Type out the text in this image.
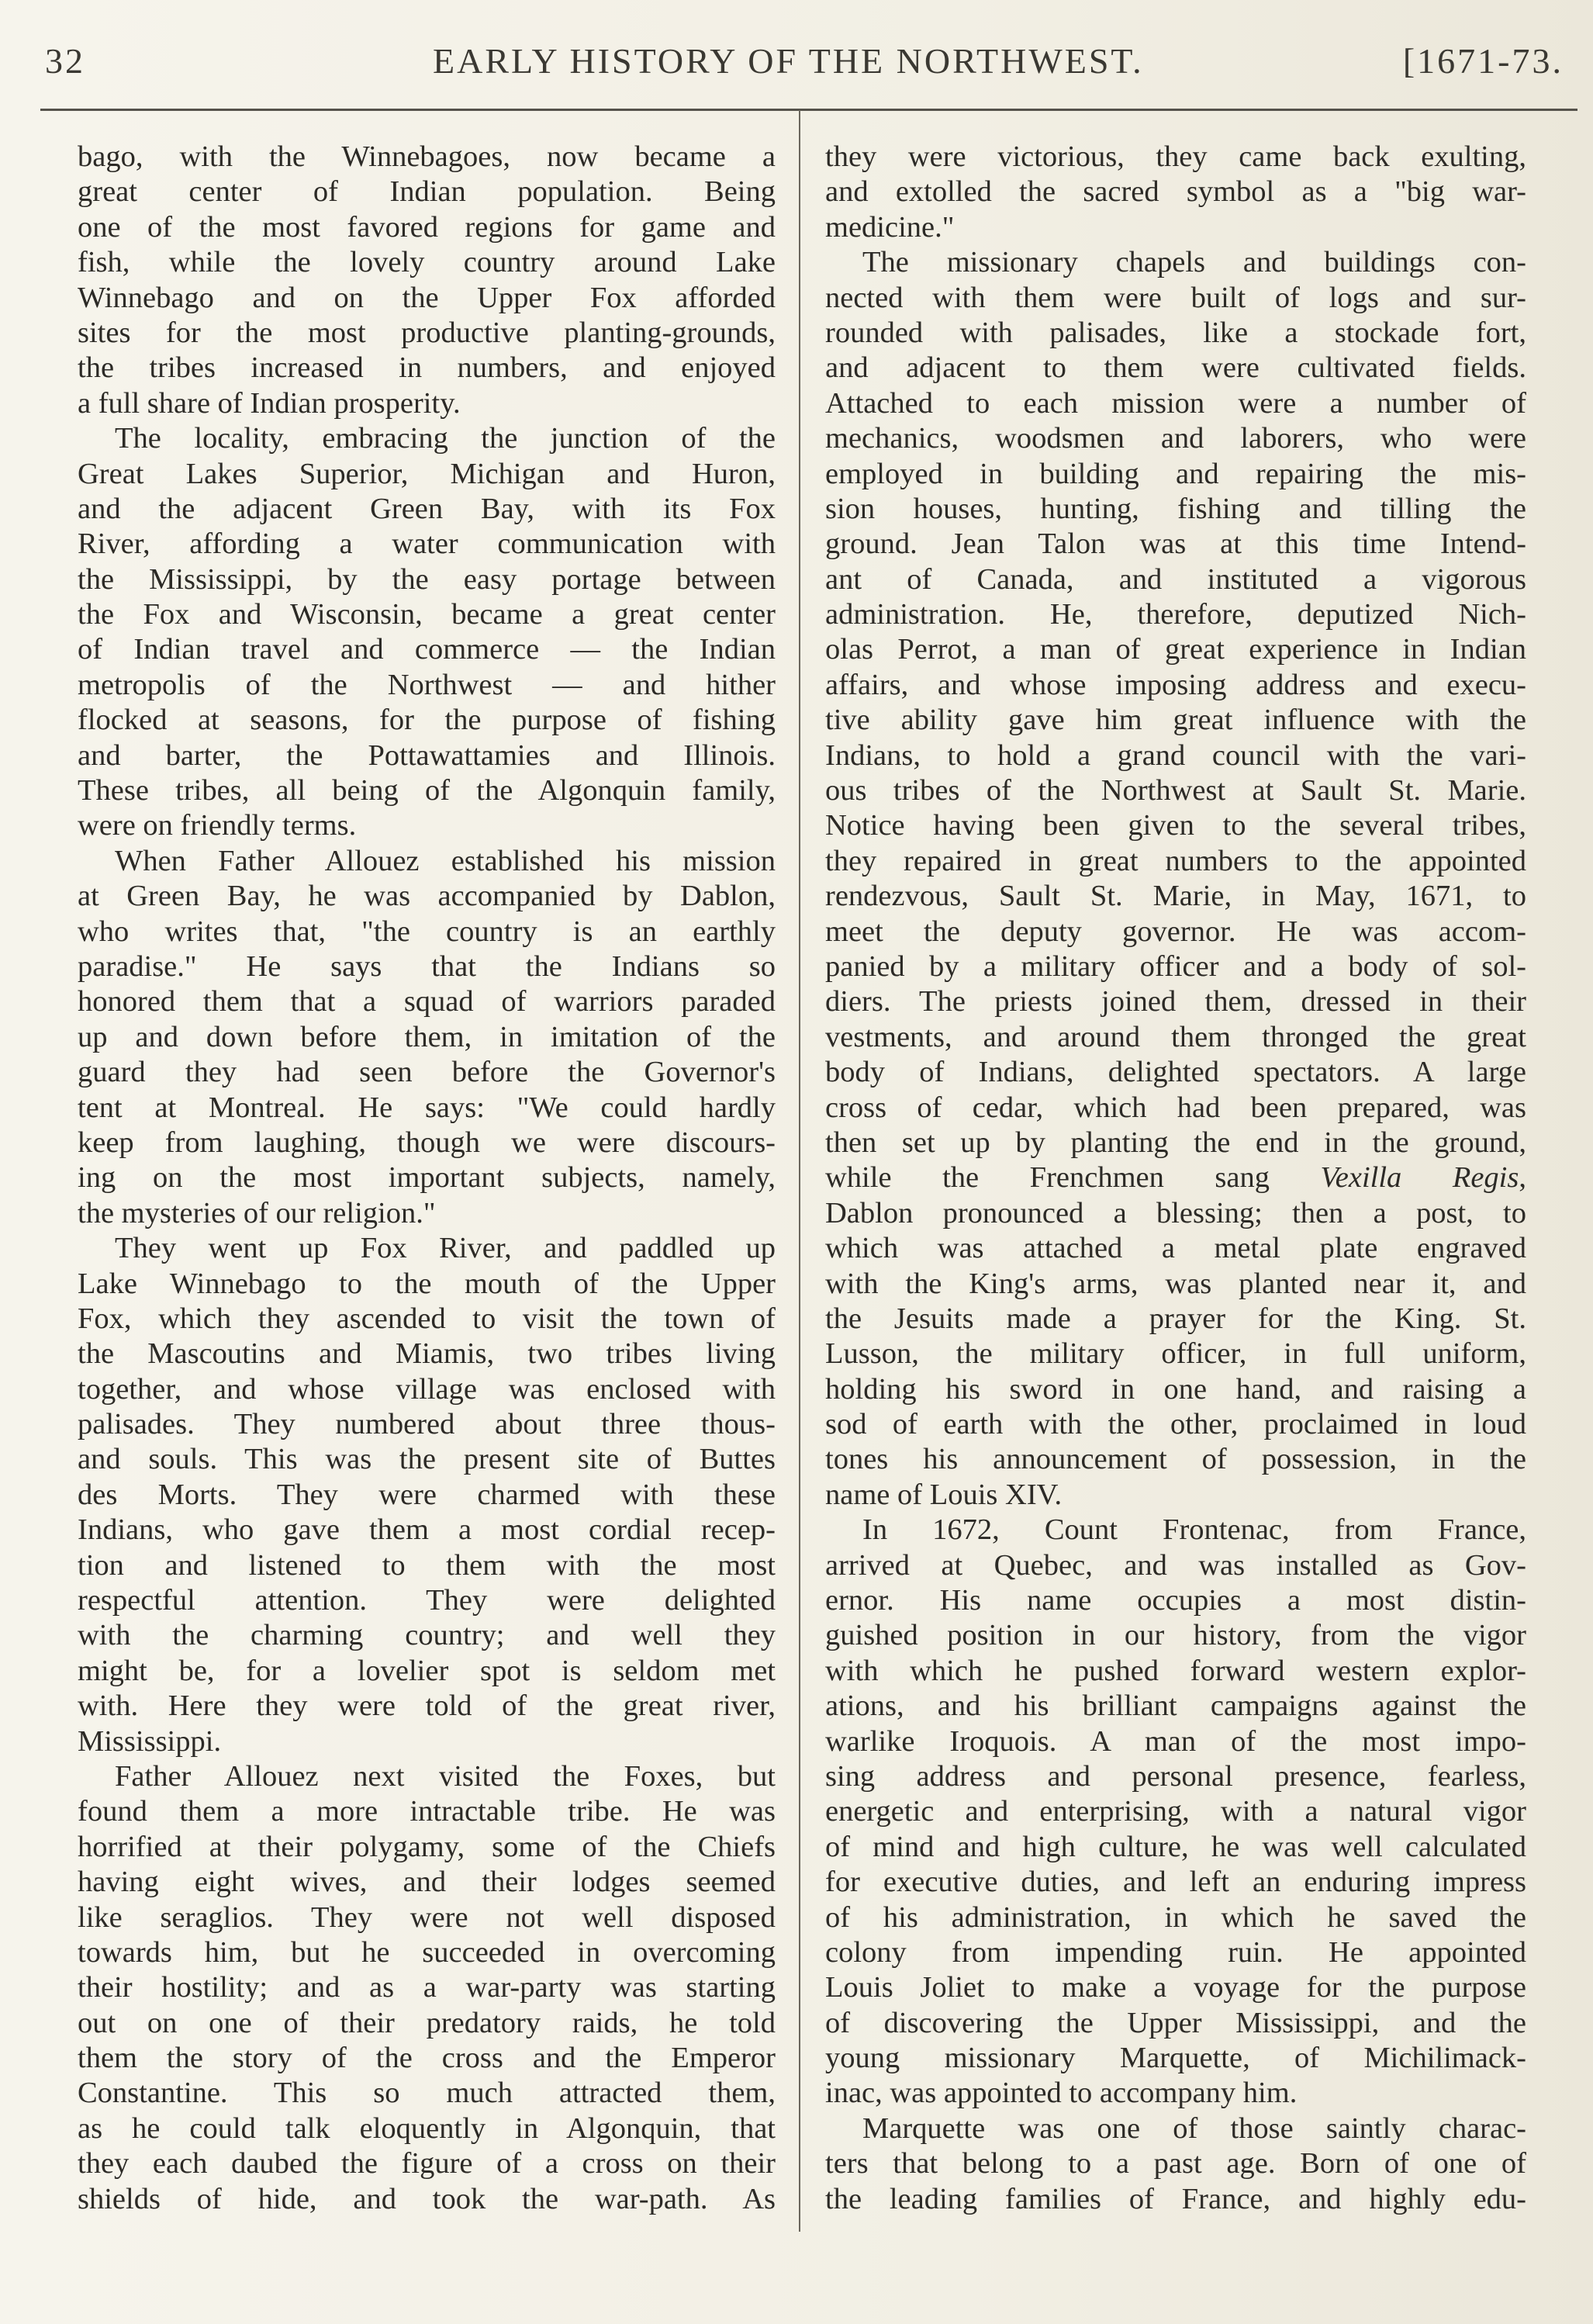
32	EARLY HISTORY OF THE NORTHWEST.	[1671-73.
bago, with the Winnebagoes, now became a
great center of Indian population. Being
one of the most favored regions for game and
fish, while the lovely country around Lake
Winnebago and on the Upper Fox afforded
sites for the most productive planting-grounds,
the tribes increased in numbers, and enjoyed
a full share of Indian prosperity.
The locality, embracing the junction of the
Great Lakes Superior, Michigan and Huron,
and the adjacent Green Bay, with its Fox
River, affording a water communication with
the Mississippi, by the easy portage between
the Fox and Wisconsin, became a great center
of Indian travel and commerce — the Indian
metropolis of the Northwest — and hither
flocked at seasons, for the purpose of fishing
and barter, the Pottawattamies and Illinois.
These tribes, all being of the Algonquin family,
were on friendly terms.
When Father Allouez established his mission
at Green Bay, he was accompanied by Dablon,
who writes that, "the country is an earthly
paradise." He says that the Indians so
honored them that a squad of warriors paraded
up and down before them, in imitation of the
guard they had seen before the Governor's
tent at Montreal. He says: "We could hardly
keep from laughing, though we were discours-
ing on the most important subjects, namely,
the mysteries of our religion."
They went up Fox River, and paddled up
Lake Winnebago to the mouth of the Upper
Fox, which they ascended to visit the town of
the Mascoutins and Miamis, two tribes living
together, and whose village was enclosed with
palisades. They numbered about three thous-
and souls. This was the present site of Buttes
des Morts. They were charmed with these
Indians, who gave them a most cordial recep-
tion and listened to them with the most
respectful attention. They were delighted
with the charming country; and well they
might be, for a lovelier spot is seldom met
with. Here they were told of the great river,
Mississippi.
Father Allouez next visited the Foxes, but
found them a more intractable tribe. He was
horrified at their polygamy, some of the Chiefs
having eight wives, and their lodges seemed
like seraglios. They were not well disposed
towards him, but he succeeded in overcoming
their hostility; and as a war-party was starting
out on one of their predatory raids, he told
them the story of the cross and the Emperor
Constantine. This so much attracted them,
as he could talk eloquently in Algonquin, that
they each daubed the figure of a cross on their
shields of hide, and took the war-path. As
they were victorious, they came back exulting,
and extolled the sacred symbol as a "big war-
medicine."
The missionary chapels and buildings con-
nected with them were built of logs and sur-
rounded with palisades, like a stockade fort,
and adjacent to them were cultivated fields.
Attached to each mission were a number of
mechanics, woodsmen and laborers, who were
employed in building and repairing the mis-
sion houses, hunting, fishing and tilling the
ground. Jean Talon was at this time Intend-
ant of Canada, and instituted a vigorous
administration. He, therefore, deputized Nich-
olas Perrot, a man of great experience in Indian
affairs, and whose imposing address and execu-
tive ability gave him great influence with the
Indians, to hold a grand council with the vari-
ous tribes of the Northwest at Sault St. Marie.
Notice having been given to the several tribes,
they repaired in great numbers to the appointed
rendezvous, Sault St. Marie, in May, 1671, to
meet the deputy governor. He was accom-
panied by a military officer and a body of sol-
diers. The priests joined them, dressed in their
vestments, and around them thronged the great
body of Indians, delighted spectators. A large
cross of cedar, which had been prepared, was
then set up by planting the end in the ground,
while the Frenchmen sang Vexilla Regis,
Dablon pronounced a blessing; then a post, to
which was attached a metal plate engraved
with the King's arms, was planted near it, and
the Jesuits made a prayer for the King. St.
Lusson, the military officer, in full uniform,
holding his sword in one hand, and raising a
sod of earth with the other, proclaimed in loud
tones his announcement of possession, in the
name of Louis XIV.
In 1672, Count Frontenac, from France,
arrived at Quebec, and was installed as Gov-
ernor. His name occupies a most distin-
guished position in our history, from the vigor
with which he pushed forward western explor-
ations, and his brilliant campaigns against the
warlike Iroquois. A man of the most impo-
sing address and personal presence, fearless,
energetic and enterprising, with a natural vigor
of mind and high culture, he was well calculated
for executive duties, and left an enduring impress
of his administration, in which he saved the
colony from impending ruin. He appointed
Louis Joliet to make a voyage for the purpose
of discovering the Upper Mississippi, and the
young missionary Marquette, of Michilimack-
inac, was appointed to accompany him.
Marquette was one of those saintly charac-
ters that belong to a past age. Born of one of
the leading families of France, and highly edu-
